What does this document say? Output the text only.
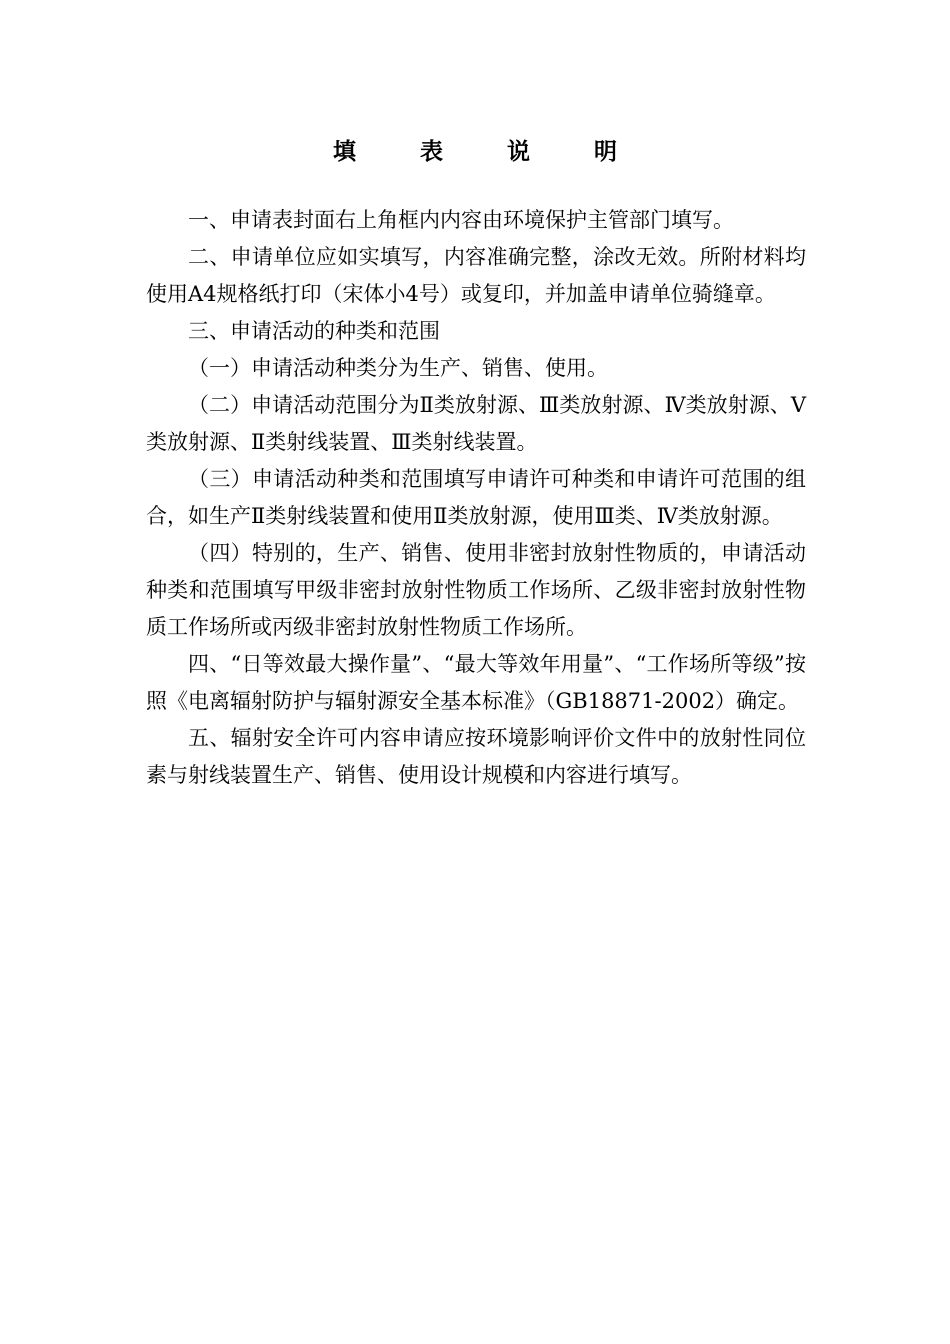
填 表 说 明

一、申请表封面右上角框内内容由环境保护主管部门填写。

二、申请单位应如实填写，内容准确完整，涂改无效。所附材料均使用A4规格纸打印（宋体小4号）或复印，并加盖申请单位骑缝章。

三、申请活动的种类和范围

（一）申请活动种类分为生产、销售、使用。

（二）申请活动范围分为Ⅱ类放射源、Ⅲ类放射源、Ⅳ类放射源、Ⅴ类放射源、Ⅱ类射线装置、Ⅲ类射线装置。

（三）申请活动种类和范围填写申请许可种类和申请许可范围的组合，如生产Ⅱ类射线装置和使用Ⅱ类放射源，使用Ⅲ类、Ⅳ类放射源。

（四）特别的，生产、销售、使用非密封放射性物质的，申请活动种类和范围填写甲级非密封放射性物质工作场所、乙级非密封放射性物质工作场所或丙级非密封放射性物质工作场所。

四、“日等效最大操作量”、“最大等效年用量”、“工作场所等级”按照《电离辐射防护与辐射源安全基本标准》（GB18871-2002）确定。

五、辐射安全许可内容申请应按环境影响评价文件中的放射性同位素与射线装置生产、销售、使用设计规模和内容进行填写。
